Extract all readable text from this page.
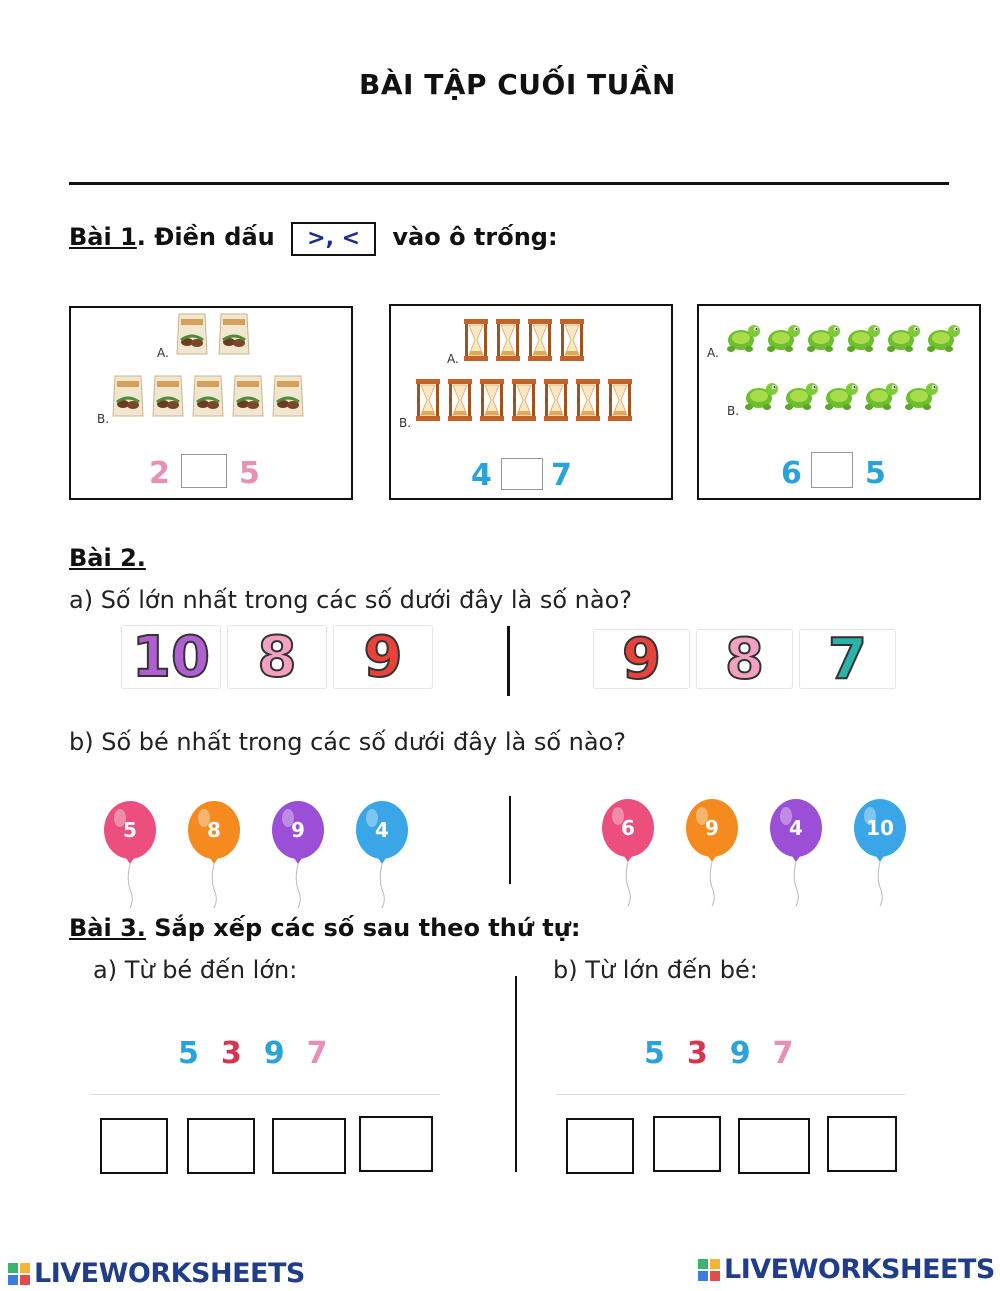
BÀI TẬP CUỐI TUẦN
Bài 1. Điền dấu >, < vào ô trống:
A.
B.
2 5
A.
B.
4 7
A.
B.
6 5
Bài 2.
a) Số lớn nhất trong các số dưới đây là số nào?
10 8	9	9	8	7
b) Số bé nhất trong các số dưới đây là số nào?
5	8	9	4	6	9	4	10
Bài 3. Sắp xếp các số sau theo thứ tự:
a) Từ bé đến lớn:	b) Từ lớn đến bé:
5 3 9 7	5 3 9 7
LIVEWORKSHEETS	LIVEWORKSHEETS
